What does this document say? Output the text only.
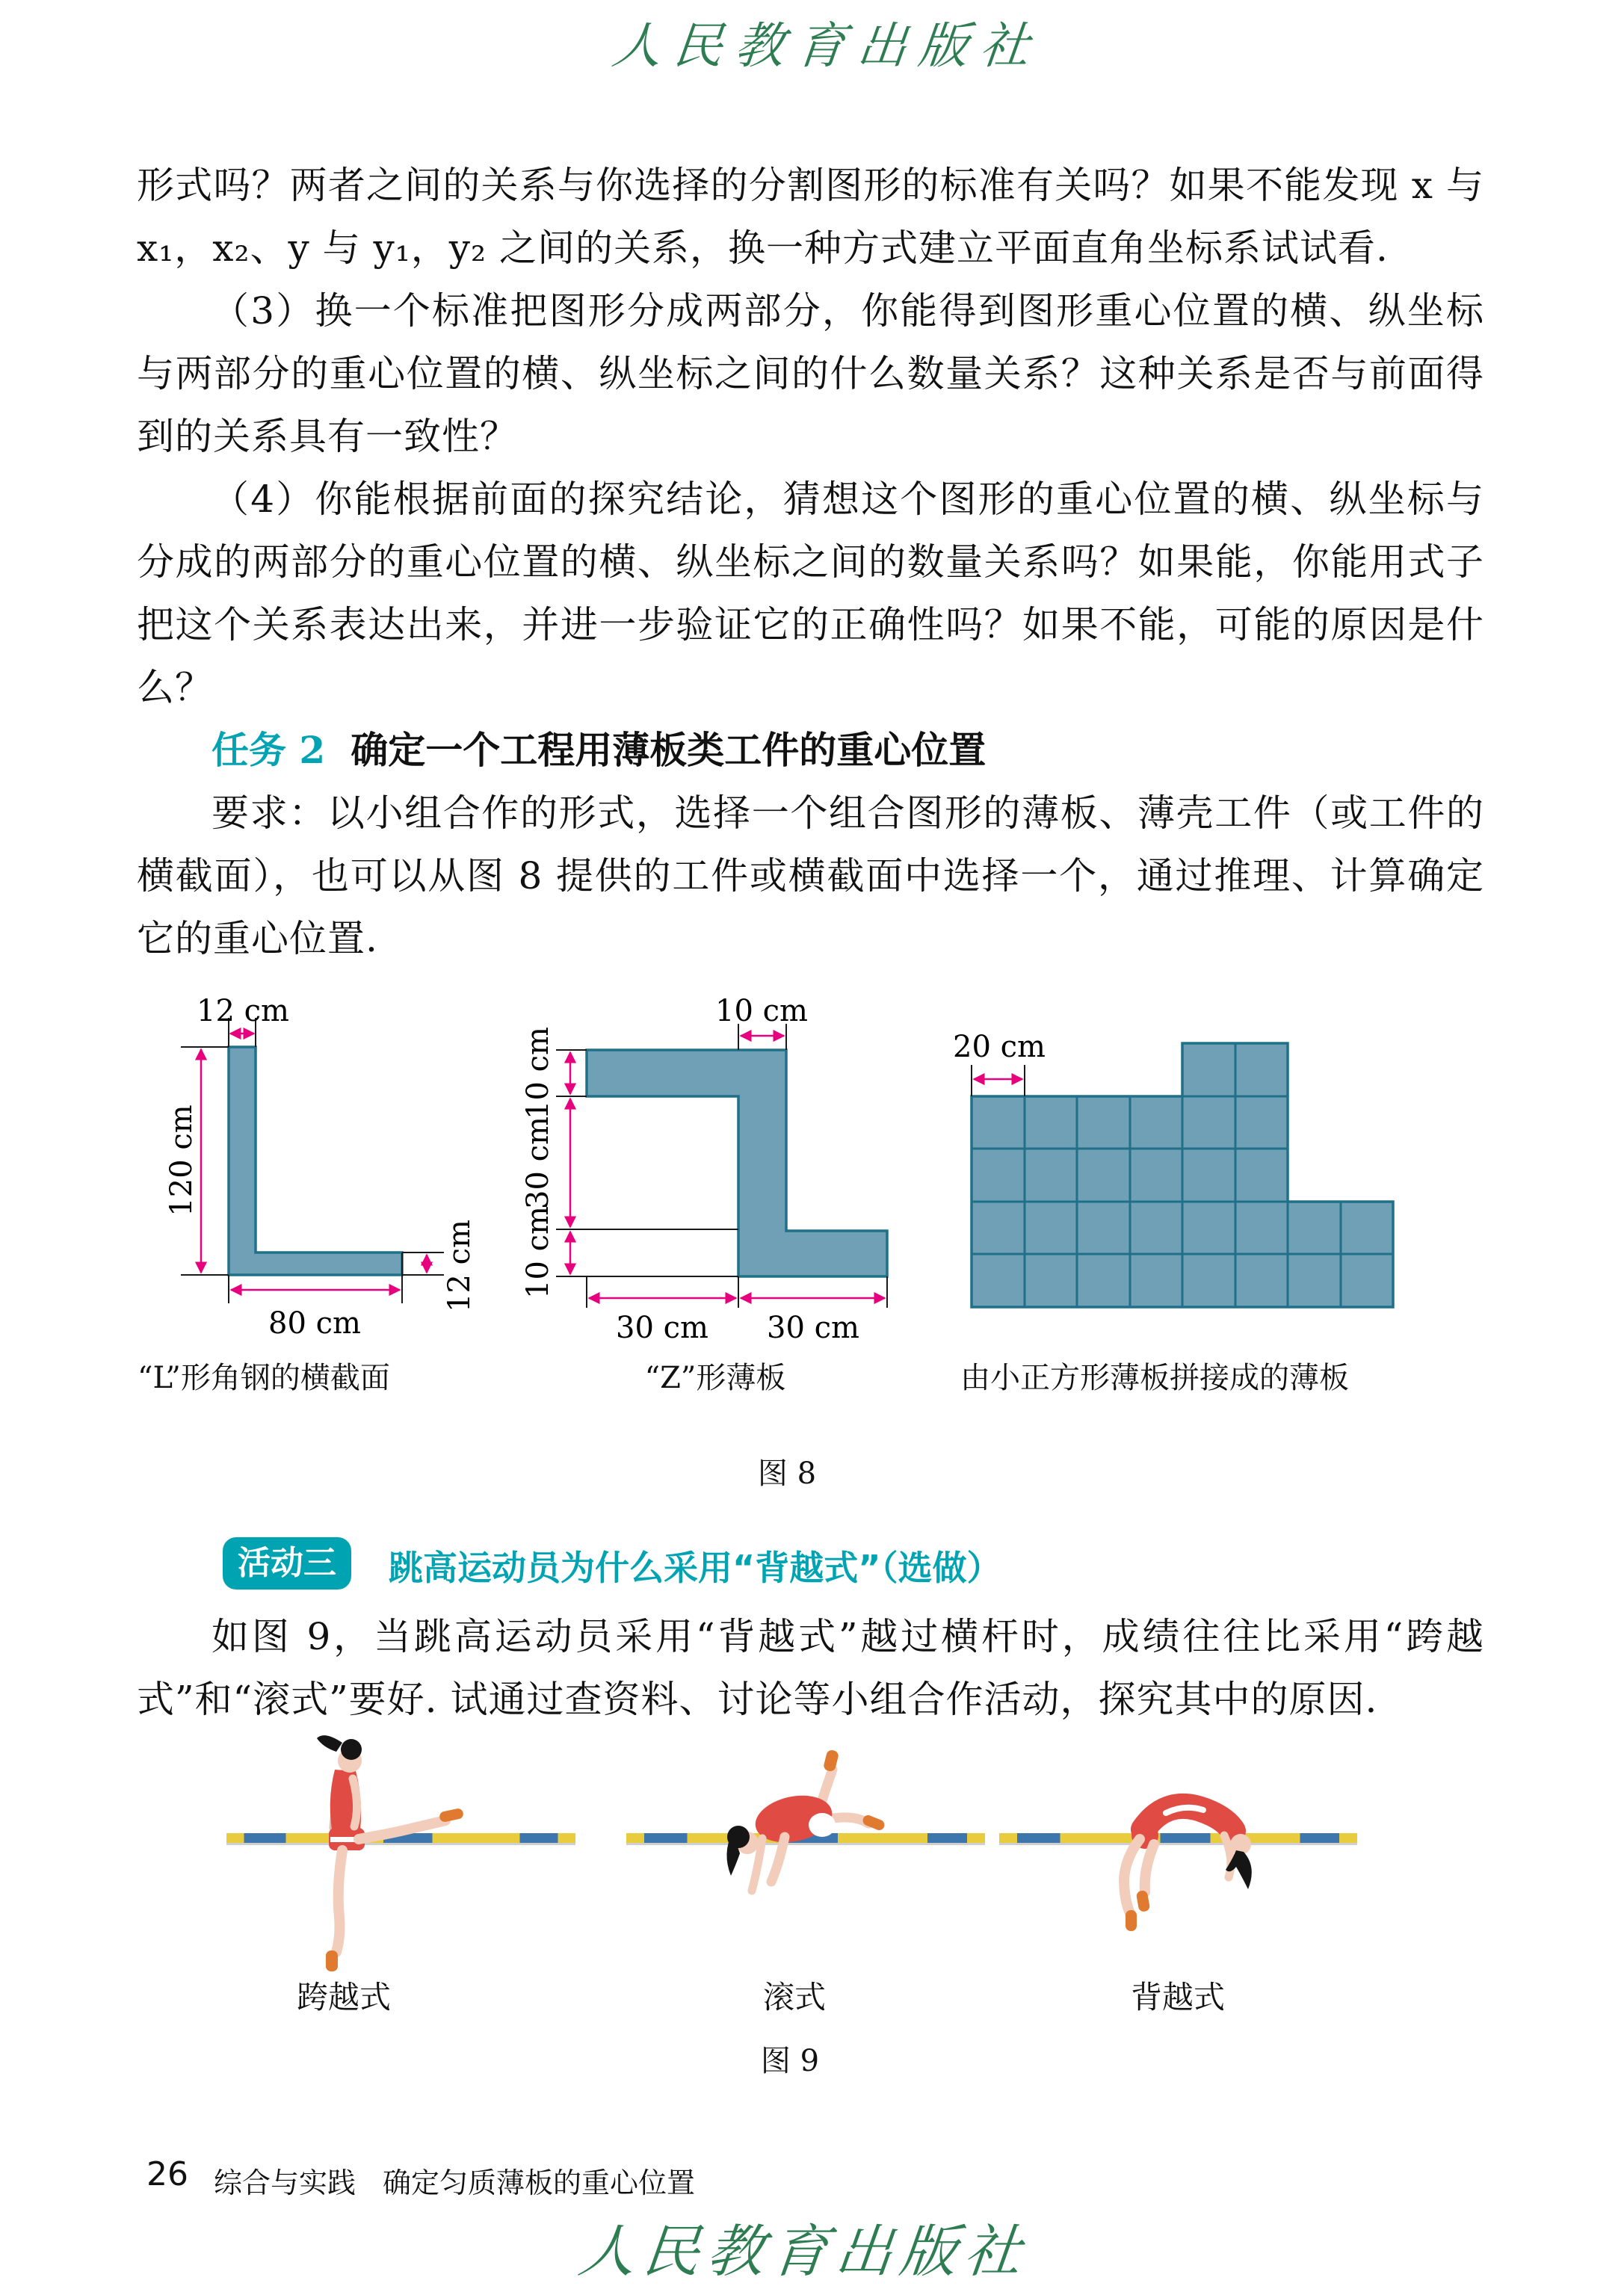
人民教育出版社
形式吗？两者之间的关系与你选择的分割图形的标准有关吗？如果不能发现 x 与 x₁，x₂、y 与 y₁，y₂ 之间的关系，换一种方式建立平面直角坐标系试试看.
（3）换一个标准把图形分成两部分，你能得到图形重心位置的横、纵坐标与两部分的重心位置的横、纵坐标之间的什么数量关系？这种关系是否与前面得到的关系具有一致性？
（4）你能根据前面的探究结论，猜想这个图形的重心位置的横、纵坐标与分成的两部分的重心位置的横、纵坐标之间的数量关系吗？如果能，你能用式子把这个关系表达出来，并进一步验证它的正确性吗？如果不能，可能的原因是什么？
任务 2 确定一个工程用薄板类工件的重心位置
要求：以小组合作的形式，选择一个组合图形的薄板、薄壳工件（或工件的横截面），也可以从图 8 提供的工件或横截面中选择一个，通过推理、计算确定它的重心位置.
12 cm
120 cm
80 cm
12 cm
10 cm
10 cm
30 cm
10 cm
30 cm 30 cm
20 cm
“L”形角钢的横截面	“Z”形薄板	由小正方形薄板拼接成的薄板
图 8
活动三	跳高运动员为什么采用“背越式”（选做）
如图 9，当跳高运动员采用“背越式”越过横杆时，成绩往往比采用“跨越式”和“滚式”要好. 试通过查资料、讨论等小组合作活动，探究其中的原因.
跨越式	滚式	背越式
图 9
26 综合与实践 确定匀质薄板的重心位置
人民教育出版社
